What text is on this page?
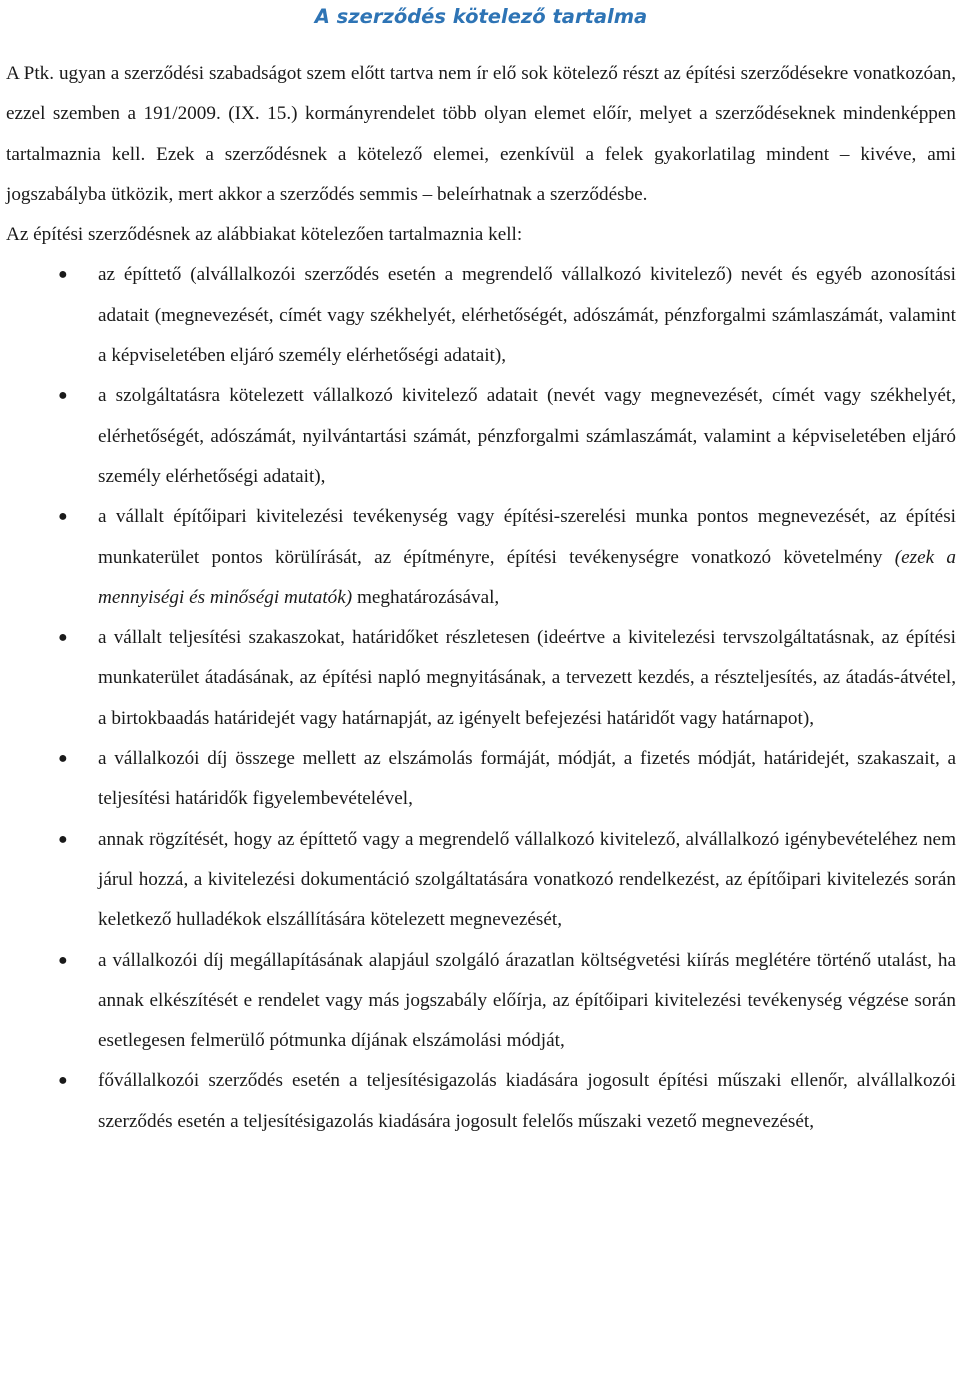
A szerződés kötelező tartalma

A Ptk. ugyan a szerződési szabadságot szem előtt tartva nem ír elő sok kötelező részt az építési szerződésekre vonatkozóan, ezzel szemben a 191/2009. (IX. 15.) kormányrendelet több olyan elemet előír, melyet a szerződéseknek mindenképpen tartalmaznia kell. Ezek a szerződésnek a kötelező elemei, ezenkívül a felek gyakorlatilag mindent – kivéve, ami jogszabályba ütközik, mert akkor a szerződés semmis – beleírhatnak a szerződésbe.

Az építési szerződésnek az alábbiakat kötelezően tartalmaznia kell:

● az építtető (alvállalkozói szerződés esetén a megrendelő vállalkozó kivitelező) nevét és egyéb azonosítási adatait (megnevezését, címét vagy székhelyét, elérhetőségét, adószámát, pénzforgalmi számlaszámát, valamint a képviseletében eljáró személy elérhetőségi adatait),
● a szolgáltatásra kötelezett vállalkozó kivitelező adatait (nevét vagy megnevezését, címét vagy székhelyét, elérhetőségét, adószámát, nyilvántartási számát, pénzforgalmi számlaszámát, valamint a képviseletében eljáró személy elérhetőségi adatait),
● a vállalt építőipari kivitelezési tevékenység vagy építési-szerelési munka pontos megnevezését, az építési munkaterület pontos körülírását, az építményre, építési tevékenységre vonatkozó követelmény (ezek a mennyiségi és minőségi mutatók) meghatározásával,
● a vállalt teljesítési szakaszokat, határidőket részletesen (ideértve a kivitelezési tervszolgáltatásnak, az építési munkaterület átadásának, az építési napló megnyitásának, a tervezett kezdés, a részteljesítés, az átadás-átvétel, a birtokbaadás határidejét vagy határnapját, az igényelt befejezési határidőt vagy határnapot),
● a vállalkozói díj összege mellett az elszámolás formáját, módját, a fizetés módját, határidejét, szakaszait, a teljesítési határidők figyelembevételével,
● annak rögzítését, hogy az építtető vagy a megrendelő vállalkozó kivitelező, alvállalkozó igénybevételéhez nem járul hozzá, a kivitelezési dokumentáció szolgáltatására vonatkozó rendelkezést, az építőipari kivitelezés során keletkező hulladékok elszállítására kötelezett megnevezését,
● a vállalkozói díj megállapításának alapjául szolgáló árazatlan költségvetési kiírás meglétére történő utalást, ha annak elkészítését e rendelet vagy más jogszabály előírja, az építőipari kivitelezési tevékenység végzése során esetlegesen felmerülő pótmunka díjának elszámolási módját,
● fővállalkozói szerződés esetén a teljesítésigazolás kiadására jogosult építési műszaki ellenőr, alvállalkozói szerződés esetén a teljesítésigazolás kiadására jogosult felelős műszaki vezető megnevezését,
